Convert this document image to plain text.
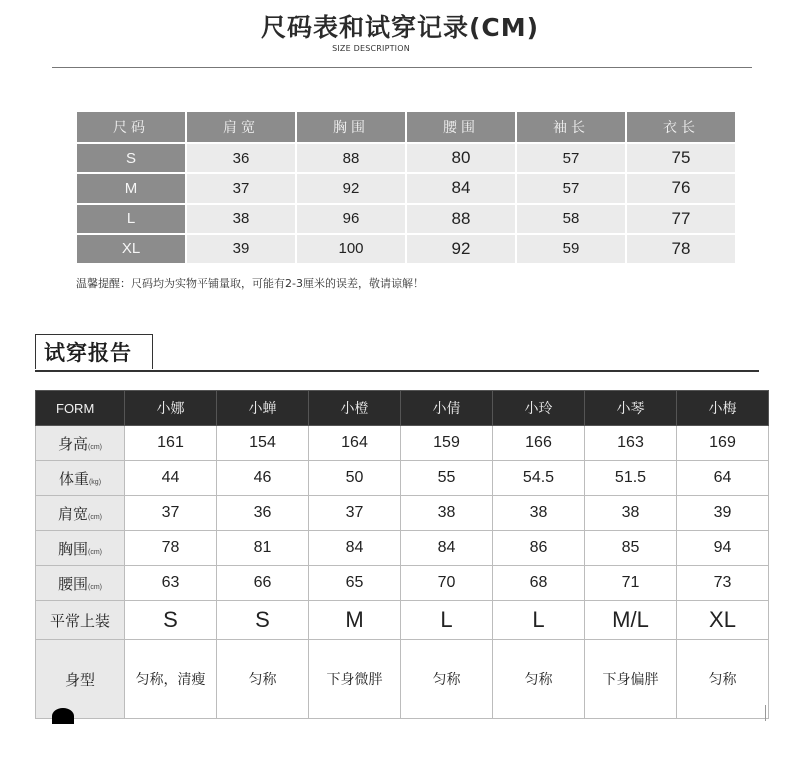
尺码表和试穿记录(CM)
SIZE DESCRIPTION
尺码	肩宽	胸围	腰围	袖长	衣长
S	36	88	80	57	75
M	37	92	84	57	76
L	38	96	88	58	77
XL	39	100	92	59	78
温馨提醒：尺码均为实物平铺量取，可能有2-3厘米的误差，敬请谅解！
试穿报告
FORM	小娜	小蝉	小橙	小倩	小玲	小琴	小梅
身高(cm)	161	154	164	159	166	163	169
体重(kg)	44	46	50	55	54.5	51.5	64
肩宽(cm)	37	36	37	38	38	38	39
胸围(cm)	78	81	84	84	86	85	94
腰围(cm)	63	66	65	70	68	71	73
平常上装	S	S	M	L	L	M/L	XL
身型	匀称，清瘦	匀称	下身微胖	匀称	匀称	下身偏胖	匀称
